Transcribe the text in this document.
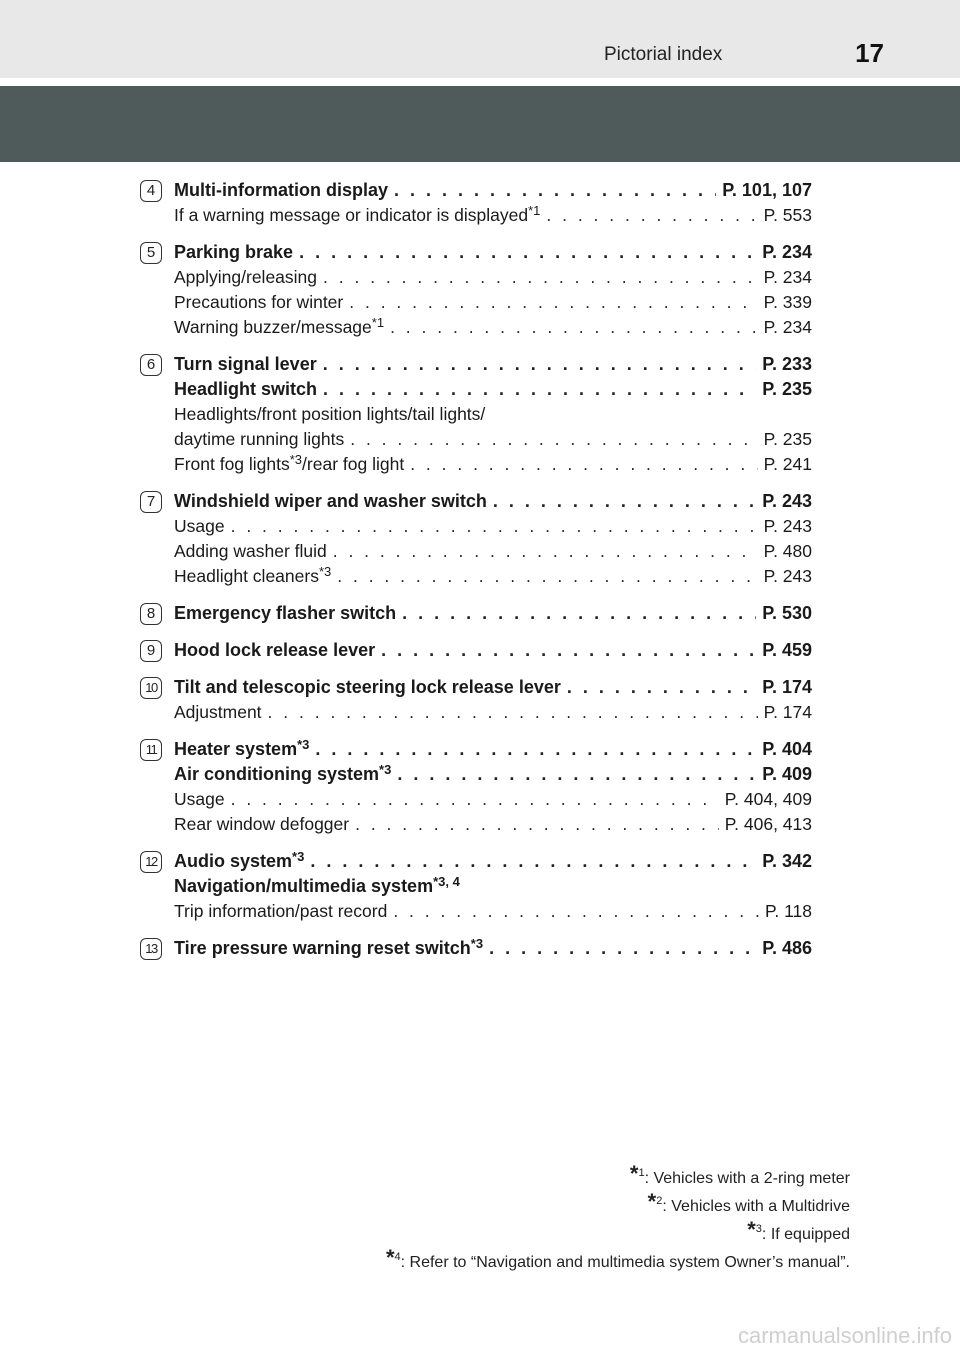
Pictorial index	17
4	Multi-information display . . .	P. 101, 107
If a warning message or indicator is displayed$^{*1}$ . . .	P. 553
5	Parking brake . . .	P. 234
Applying/releasing . . .	P. 234
Precautions for winter . . .	P. 339
Warning buzzer/message$^{*1}$ . . .	P. 234
6	Turn signal lever . . .	P. 233
Headlight switch . . .	P. 235
Headlights/front position lights/tail lights/
daytime running lights . . .	P. 235
Front fog lights$^{*3}$/rear fog light . . .	P. 241
7	Windshield wiper and washer switch . . .	P. 243
Usage . . .	P. 243
Adding washer fluid . . .	P. 480
Headlight cleaners$^{*3}$ . . .	P. 243
8	Emergency flasher switch . . .	P. 530
9	Hood lock release lever . . .	P. 459
10 Tilt and telescopic steering lock release lever . . .	P. 174
Adjustment . . .	P. 174
11 Heater system$^{*3}$ . . .	P. 404
Air conditioning system$^{*3}$ . . .	P. 409
Usage . . .	P. 404, 409
Rear window defogger . . .	P. 406, 413
12 Audio system$^{*3}$ . . .	P. 342
Navigation/multimedia system$^{*3, 4}$
Trip information/past record . . .	P. 118
13 Tire pressure warning reset switch$^{*3}$ . . .	P. 486
*$^1$: Vehicles with a 2-ring meter
*$^2$: Vehicles with a Multidrive
*$^3$: If equipped
*$^4$: Refer to “Navigation and multimedia system Owner’s manual”.
carmanualsonline.info
